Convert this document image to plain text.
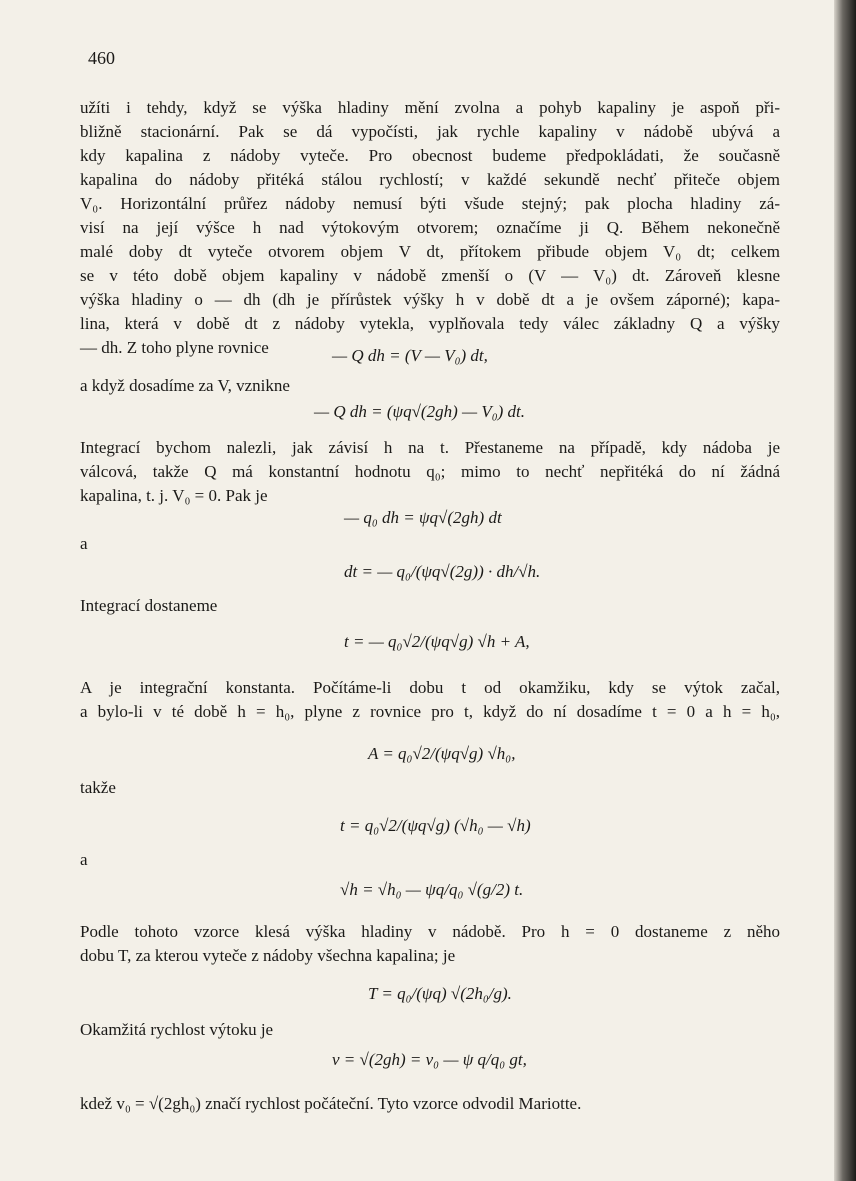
460
užíti i tehdy, když se výška hladiny mění zvolna a pohyb kapaliny je aspoň při-
bližně stacionární. Pak se dá vypočísti, jak rychle kapaliny v nádobě ubývá a
kdy kapalina z nádoby vyteče. Pro obecnost budeme předpokládati, že současně
kapalina do nádoby přitéká stálou rychlostí; v každé sekundě nechť přiteče objem
V₀. Horizontální průřez nádoby nemusí býti všude stejný; pak plocha hladiny zá-
visí na její výšce h nad výtokovým otvorem; označíme ji Q. Během nekonečně
malé doby dt vyteče otvorem objem V dt, přítokem přibude objem V₀ dt; celkem
se v této době objem kapaliny v nádobě zmenší o (V — V₀) dt. Zároveň klesne
výška hladiny o — dh (dh je přírůstek výšky h v době dt a je ovšem záporné); kapa-
lina, která v době dt z nádoby vytekla, vyplňovala tedy válec základny Q a výšky
— dh. Z toho plyne rovnice	— Q dh = (V — V₀) dt,
a když dosadíme za V, vznikne
— Q dh = (ψq√(2gh) — V₀) dt.
Integrací bychom nalezli, jak závisí h na t. Přestaneme na případě, kdy nádoba je
válcová, takže Q má konstantní hodnotu q₀; mimo to nechť nepřitéká do ní žádná
kapalina, t. j. V₀ = 0. Pak je
— q₀ dh = ψq√(2gh) dt
a
dt = — q₀/(ψq√(2g)) · dh/√h.
Integrací dostaneme
t = — q₀√2/(ψq√g) √h + A,
A je integrační konstanta. Počítáme-li dobu t od okamžiku, kdy se výtok začal,
a bylo-li v té době h = h₀, plyne z rovnice pro t, když do ní dosadíme t = 0 a h = h₀,
A = q₀√2/(ψq√g) √h₀,
takže
t = q₀√2/(ψq√g) (√h₀ — √h)
a
√h = √h₀ — ψq/q₀ √(g/2) t.
Podle tohoto vzorce klesá výška hladiny v nádobě. Pro h = 0 dostaneme z něho
dobu T, za kterou vyteče z nádoby všechna kapalina; je
T = q₀/(ψq) √(2h₀/g).
Okamžitá rychlost výtoku je
v = √(2gh) = v₀ — ψ q/q₀ gt,
kdež v₀ = √(2gh₀) značí rychlost počáteční. Tyto vzorce odvodil Mariotte.
